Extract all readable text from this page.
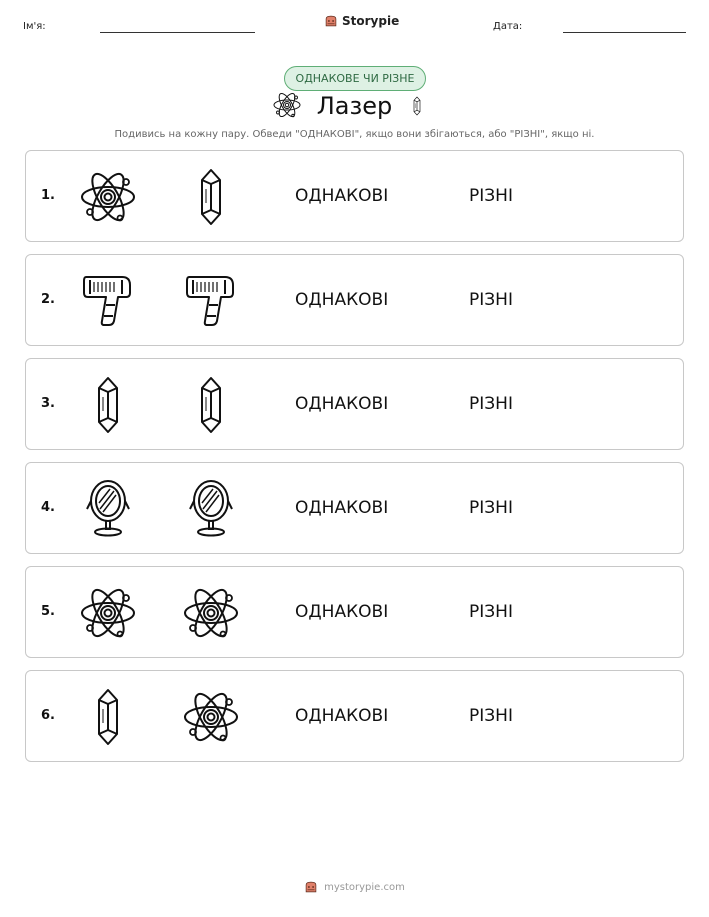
Ім'я:	Storypie	Дата:
ОДНАКОВЕ ЧИ РІЗНЕ
Лазер
Подивись на кожну пару. Обведи "ОДНАКОВІ", якщо вони збігаються, або "РІЗНІ", якщо ні.
1.	ОДНАКОВІ	РІЗНІ
2.	ОДНАКОВІ	РІЗНІ
3.	ОДНАКОВІ	РІЗНІ
4.	ОДНАКОВІ	РІЗНІ
5.	ОДНАКОВІ	РІЗНІ
6.	ОДНАКОВІ	РІЗНІ
mystorypie.com
